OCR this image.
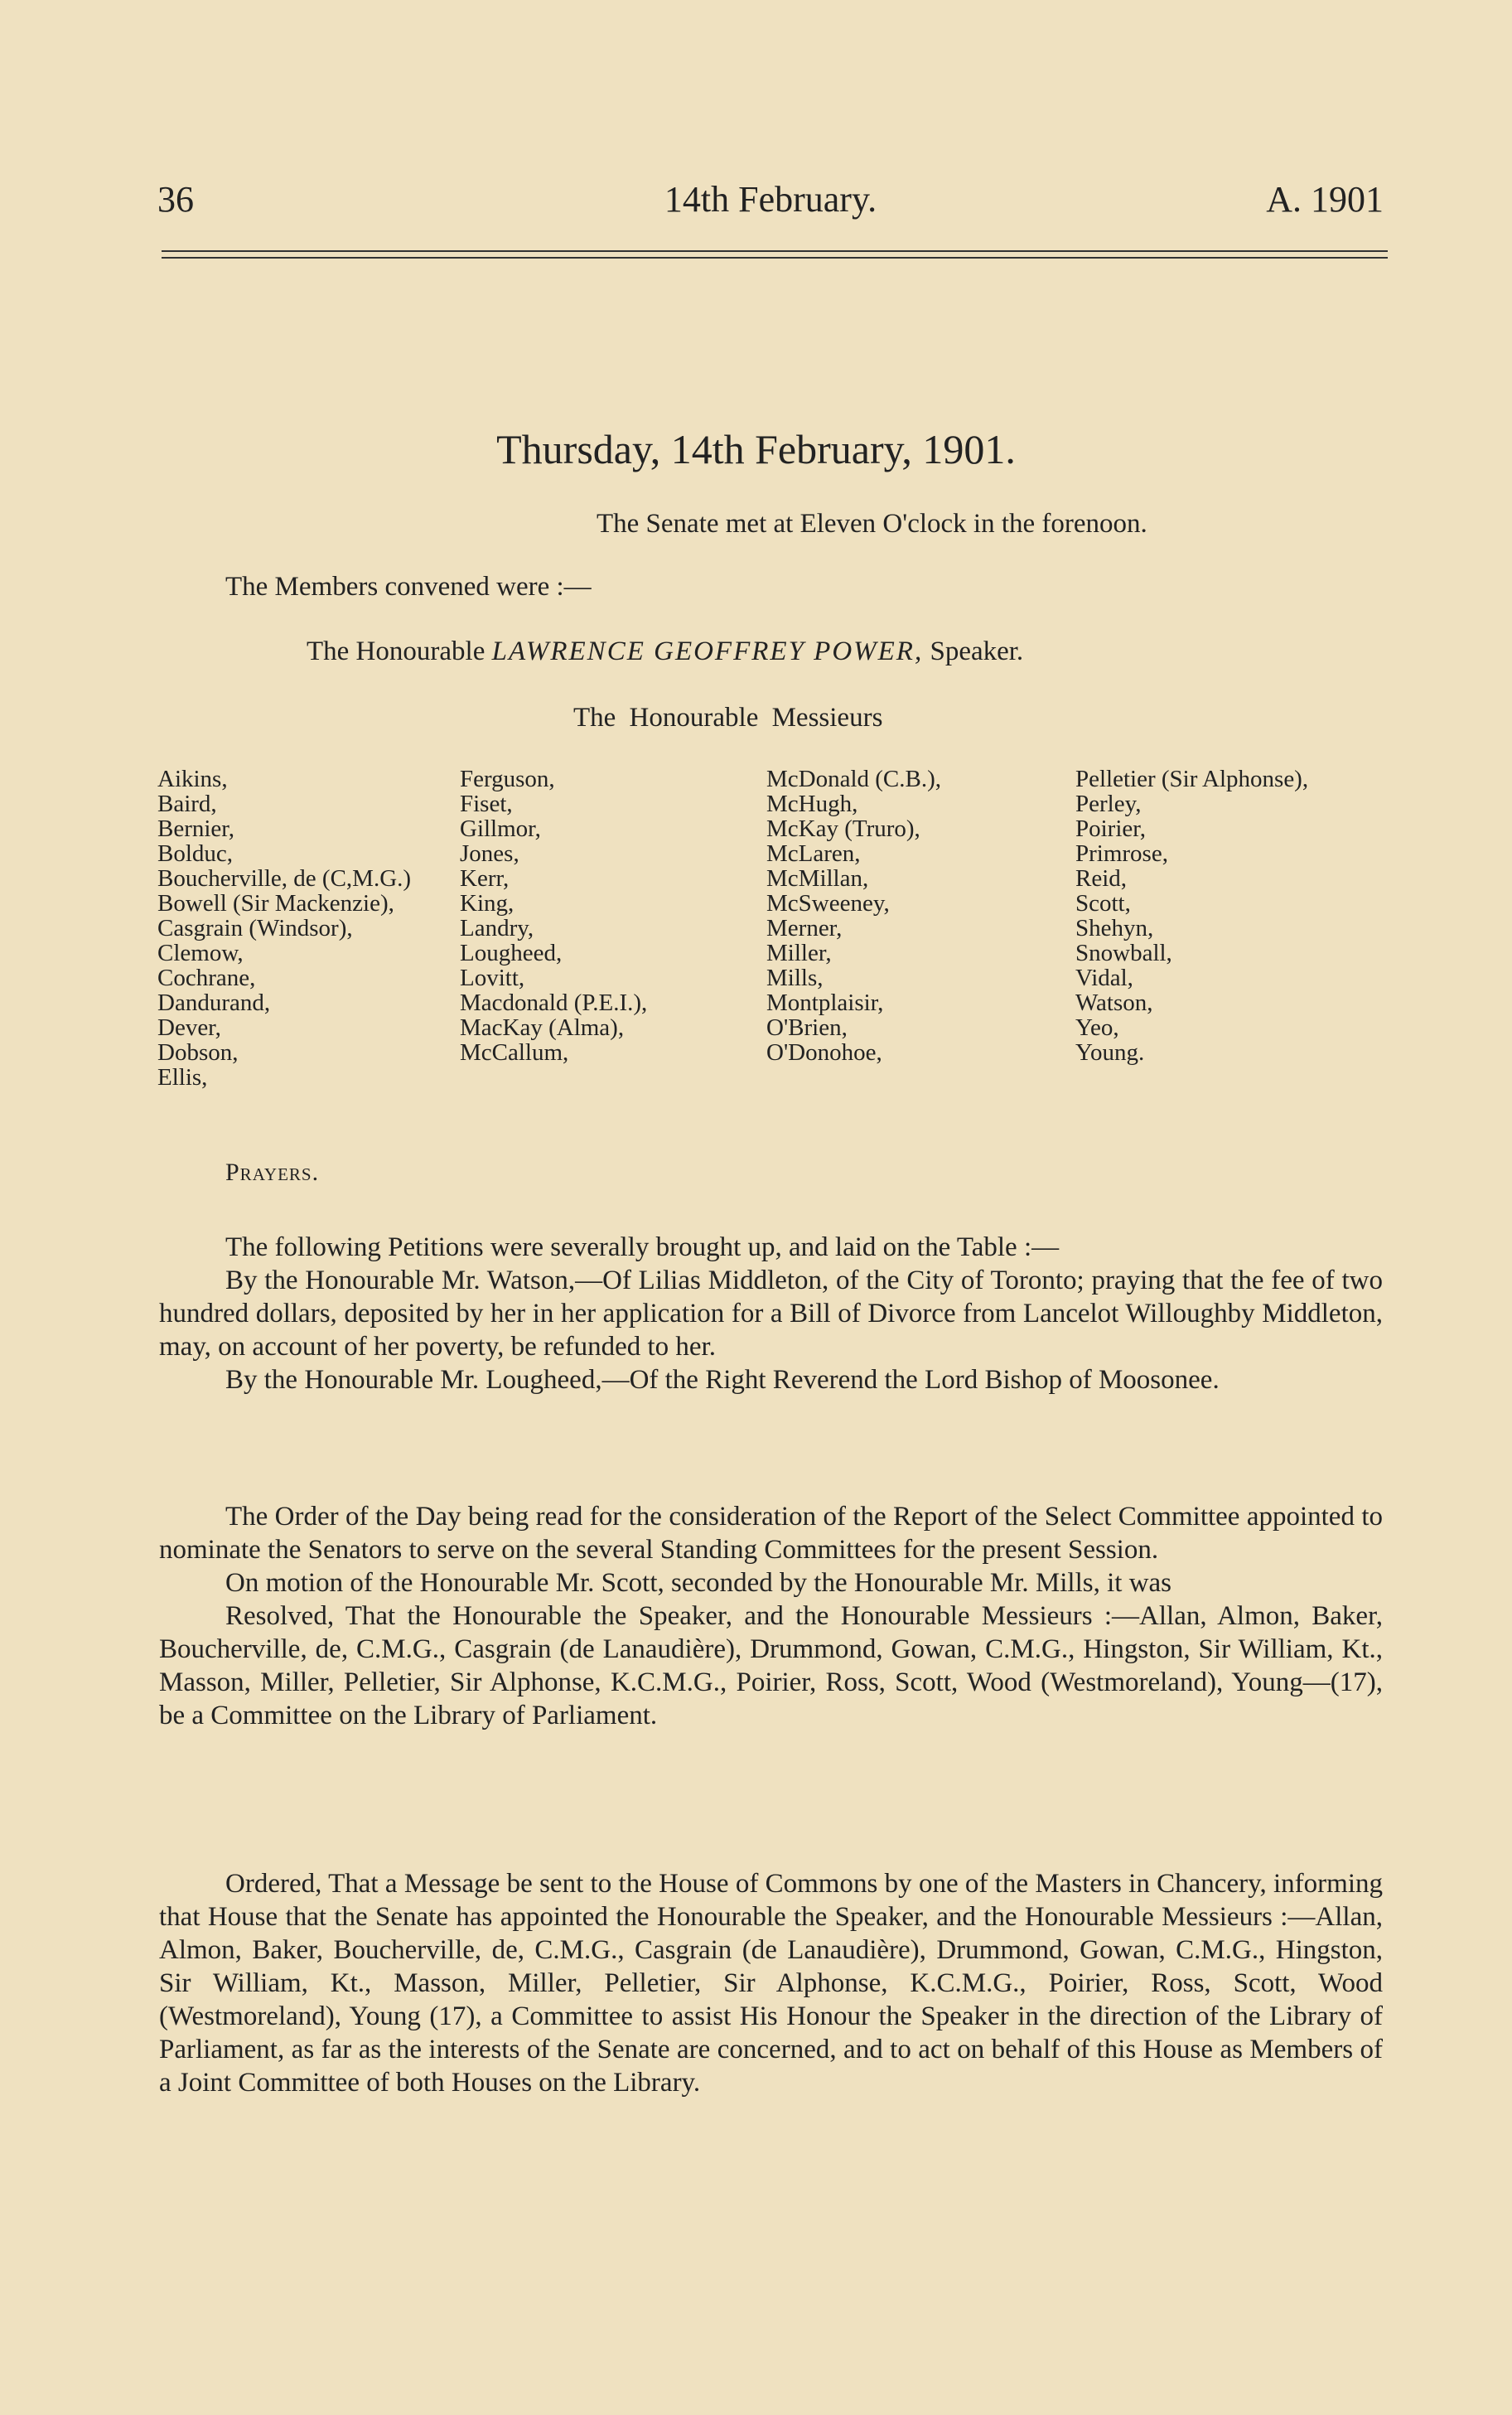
36	14th February.	A. 1901
Thursday, 14th February, 1901.
The Senate met at Eleven O'clock in the forenoon.
The Members convened were :—
The Honourable LAWRENCE GEOFFREY POWER, Speaker.
The Honourable Messieurs
Aikins,
Baird,
Bernier,
Bolduc,
Boucherville, de (C,M.G.)
Bowell (Sir Mackenzie),
Casgrain (Windsor),
Clemow,
Cochrane,
Dandurand,
Dever,
Dobson,
Ellis,
Ferguson,
Fiset,
Gillmor,
Jones,
Kerr,
King,
Landry,
Lougheed,
Lovitt,
Macdonald (P.E.I.),
MacKay (Alma),
McCallum,
McDonald (C.B.),
McHugh,
McKay (Truro),
McLaren,
McMillan,
McSweeney,
Merner,
Miller,
Mills,
Montplaisir,
O'Brien,
O'Donohoe,
Pelletier (Sir Alphonse),
Perley,
Poirier,
Primrose,
Reid,
Scott,
Shehyn,
Snowball,
Vidal,
Watson,
Yeo,
Young.
Prayers.

The following Petitions were severally brought up, and laid on the Table :—

By the Honourable Mr. Watson,—Of Lilias Middleton, of the City of Toronto; praying that the fee of two hundred dollars, deposited by her in her application for a Bill of Divorce from Lancelot Willoughby Middleton, may, on account of her poverty, be refunded to her.

By the Honourable Mr. Lougheed,—Of the Right Reverend the Lord Bishop of Moosonee.

The Order of the Day being read for the consideration of the Report of the Select Committee appointed to nominate the Senators to serve on the several Standing Committees for the present Session.

On motion of the Honourable Mr. Scott, seconded by the Honourable Mr. Mills, it was

Resolved, That the Honourable the Speaker, and the Honourable Messieurs :—Allan, Almon, Baker, Boucherville, de, C.M.G., Casgrain (de Lanaudière), Drummond, Gowan, C.M.G., Hingston, Sir William, Kt., Masson, Miller, Pelletier, Sir Alphonse, K.C.M.G., Poirier, Ross, Scott, Wood (Westmoreland), Young—(17), be a Committee on the Library of Parliament.

Ordered, That a Message be sent to the House of Commons by one of the Masters in Chancery, informing that House that the Senate has appointed the Honourable the Speaker, and the Honourable Messieurs :—Allan, Almon, Baker, Boucherville, de, C.M.G., Casgrain (de Lanaudière), Drummond, Gowan, C.M.G., Hingston, Sir William, Kt., Masson, Miller, Pelletier, Sir Alphonse, K.C.M.G., Poirier, Ross, Scott, Wood (Westmoreland), Young (17), a Committee to assist His Honour the Speaker in the direction of the Library of Parliament, as far as the interests of the Senate are concerned, and to act on behalf of this House as Members of a Joint Committee of both Houses on the Library.
